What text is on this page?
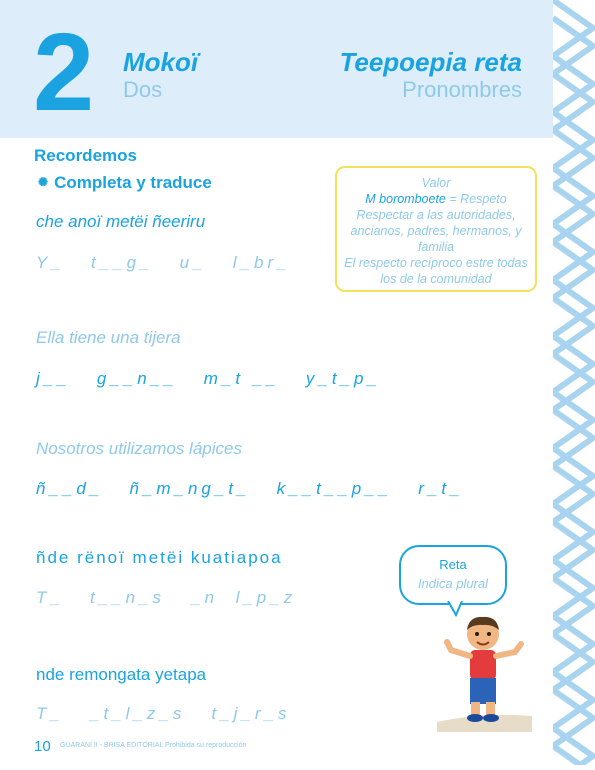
2 Mokoï
Dos
Teepoepia reta
Pronombres
Recordemos
✺ Completa y traduce	Valor
M boromboete = Respeto
Respectar a las autoridades, ancianos, padres, hermanos, y familia
El respecto recíproco estre todas los de la comunidad
che anoï metëi ñeeriru
Y_   t__g_   u_   l_br_
Ella tiene una tijera
j__   g__n__   m_t __   y_t_p_
Nosotros utilizamos lápices
ñ__d_   ñ_m_ng_t_   k__t__p__   r_t_
ñde rënoï metëi kuatiapoa
T_   t__n_s   _n  l_p_z
nde remongata yetapa
T_   _t_l_z_s   t_j_r_s
Reta
Indica plural
10 GUARANÍ II - BRISA EDITORIAL Prohibida su reproducción
